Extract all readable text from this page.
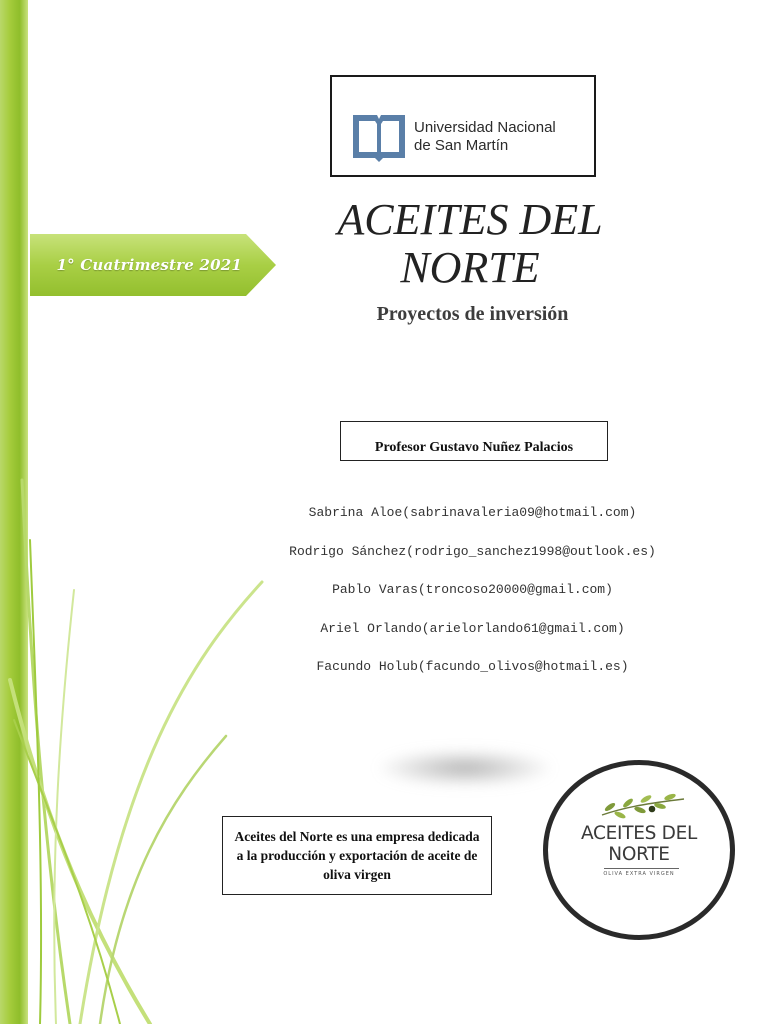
1° Cuatrimestre 2021
Universidad Nacional
de San Martín
ACEITES DEL
NORTE
Proyectos de inversión
Profesor Gustavo Nuñez Palacios
Sabrina Aloe(sabrinavaleria09@hotmail.com)
Rodrigo Sánchez(rodrigo_sanchez1998@outlook.es)
Pablo Varas(troncoso20000@gmail.com)
Ariel Orlando(arielorlando61@gmail.com)
Facundo Holub(facundo_olivos@hotmail.es)
Aceites del Norte es una empresa dedicada a la producción y exportación de aceite de oliva virgen
ACEITES DEL
NORTE
OLIVA EXTRA VIRGEN
